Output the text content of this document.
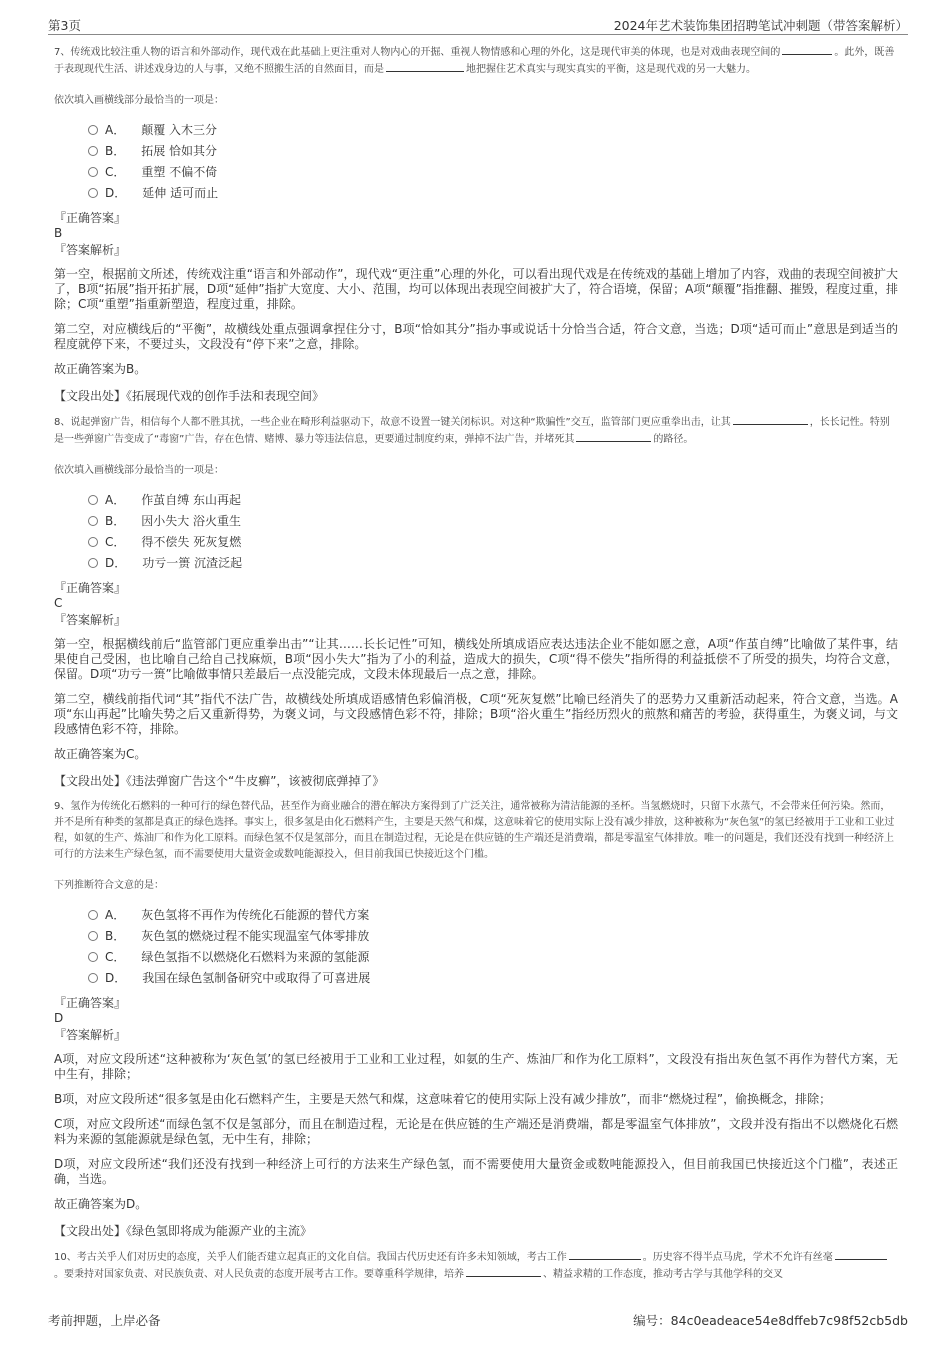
第3页	2024年艺术装饰集团招聘笔试冲刺题（带答案解析）

7、传统戏比较注重人物的语言和外部动作，现代戏在此基础上更注重对人物内心的开掘、重视人物情感和心理的外化，这是现代审美的体现，也是对戏曲表现空间的	。此外，既善于表现现代生活、讲述戏身边的人与事，又绝不照搬生活的自然面目，而是	地把握住艺术真实与现实真实的平衡，这是现代戏的另一大魅力。

依次填入画横线部分最恰当的一项是：

A． 颠覆 入木三分
B． 拓展 恰如其分
C． 重塑 不偏不倚
D． 延伸 适可而止

『正确答案』

B

『答案解析』

第一空，根据前文所述，传统戏注重“语言和外部动作”，现代戏“更注重”心理的外化，可以看出现代戏是在传统戏的基础上增加了内容，戏曲的表现空间被扩大了，B项“拓展”指开拓扩展，D项“延伸”指扩大宽度、大小、范围，均可以体现出表现空间被扩大了，符合语境，保留；A项“颠覆”指推翻、摧毁，程度过重，排除；C项“重塑”指重新塑造，程度过重，排除。

第二空，对应横线后的“平衡”，故横线处重点强调拿捏住分寸，B项“恰如其分”指办事或说话十分恰当合适，符合文意，当选；D项“适可而止”意思是到适当的程度就停下来，不要过头，文段没有“停下来”之意，排除。

故正确答案为B。

【文段出处】《拓展现代戏的创作手法和表现空间》

8、说起弹窗广告，相信每个人都不胜其扰，一些企业在畸形利益驱动下，故意不设置一键关闭标识。对这种“欺骗性”交互，监管部门更应重拳出击，让其	，长长记性。特别是一些弹窗广告变成了“毒窗”广告，存在色情、赌博、暴力等违法信息，更要通过制度约束，弹掉不法广告，并堵死其	的路径。

依次填入画横线部分最恰当的一项是：

A． 作茧自缚 东山再起
B． 因小失大 浴火重生
C． 得不偿失 死灰复燃
D． 功亏一篑 沉渣泛起

『正确答案』

C

『答案解析』

第一空，根据横线前后“监管部门更应重拳出击”“让其……长长记性”可知，横线处所填成语应表达违法企业不能如愿之意，A项“作茧自缚”比喻做了某件事，结果使自己受困，也比喻自己给自己找麻烦，B项“因小失大”指为了小的利益，造成大的损失，C项“得不偿失”指所得的利益抵偿不了所受的损失，均符合文意，保留。D项“功亏一篑”比喻做事情只差最后一点没能完成，文段未体现最后一点之意，排除。

第二空，横线前指代词“其”指代不法广告，故横线处所填成语感情色彩偏消极，C项“死灰复燃”比喻已经消失了的恶势力又重新活动起来，符合文意，当选。A项“东山再起”比喻失势之后又重新得势，为褒义词，与文段感情色彩不符，排除；B项“浴火重生”指经历烈火的煎熬和痛苦的考验，获得重生，为褒义词，与文段感情色彩不符，排除。

故正确答案为C。

【文段出处】《违法弹窗广告这个“牛皮癣”，该被彻底弹掉了》

9、氢作为传统化石燃料的一种可行的绿色替代品，甚至作为商业融合的潜在解决方案得到了广泛关注，通常被称为清洁能源的圣杯。当氢燃烧时，只留下水蒸气，不会带来任何污染。然而，并不是所有种类的氢都是真正的绿色选择。事实上，很多氢是由化石燃料产生，主要是天然气和煤，这意味着它的使用实际上没有减少排放，这种被称为“灰色氢”的氢已经被用于工业和工业过程，如氨的生产、炼油厂和作为化工原料。而绿色氢不仅是氢部分，而且在制造过程，无论是在供应链的生产端还是消费端，都是零温室气体排放。唯一的问题是，我们还没有找到一种经济上可行的方法来生产绿色氢，而不需要使用大量资金或数吨能源投入，但目前我国已快接近这个门槛。

下列推断符合文意的是：

A． 灰色氢将不再作为传统化石能源的替代方案
B． 灰色氢的燃烧过程不能实现温室气体零排放
C． 绿色氢指不以燃烧化石燃料为来源的氢能源
D． 我国在绿色氢制备研究中或取得了可喜进展

『正确答案』

D

『答案解析』

A项，对应文段所述“这种被称为‘灰色氢’的氢已经被用于工业和工业过程，如氨的生产、炼油厂和作为化工原料”，文段没有指出灰色氢不再作为替代方案，无中生有，排除；

B项，对应文段所述“很多氢是由化石燃料产生，主要是天然气和煤，这意味着它的使用实际上没有减少排放”，而非“燃烧过程”，偷换概念，排除；

C项，对应文段所述“而绿色氢不仅是氢部分，而且在制造过程，无论是在供应链的生产端还是消费端，都是零温室气体排放”，文段并没有指出不以燃烧化石燃料为来源的氢能源就是绿色氢，无中生有，排除；

D项，对应文段所述“我们还没有找到一种经济上可行的方法来生产绿色氢，而不需要使用大量资金或数吨能源投入，但目前我国已快接近这个门槛”，表述正确，当选。

故正确答案为D。

【文段出处】《绿色氢即将成为能源产业的主流》

10、考古关乎人们对历史的态度，关乎人们能否建立起真正的文化自信。我国古代历史还有许多未知领域，考古工作	。历史容不得半点马虎，学术不允许有丝毫。要秉持对国家负责、对民族负责、对人民负责的态度开展考古工作。要尊重科学规律，培养	、精益求精的工作态度，推动考古学与其他学科的交叉

考前押题，上岸必备	编号：84c0eadeace54e8dffeb7c98f52cb5db
